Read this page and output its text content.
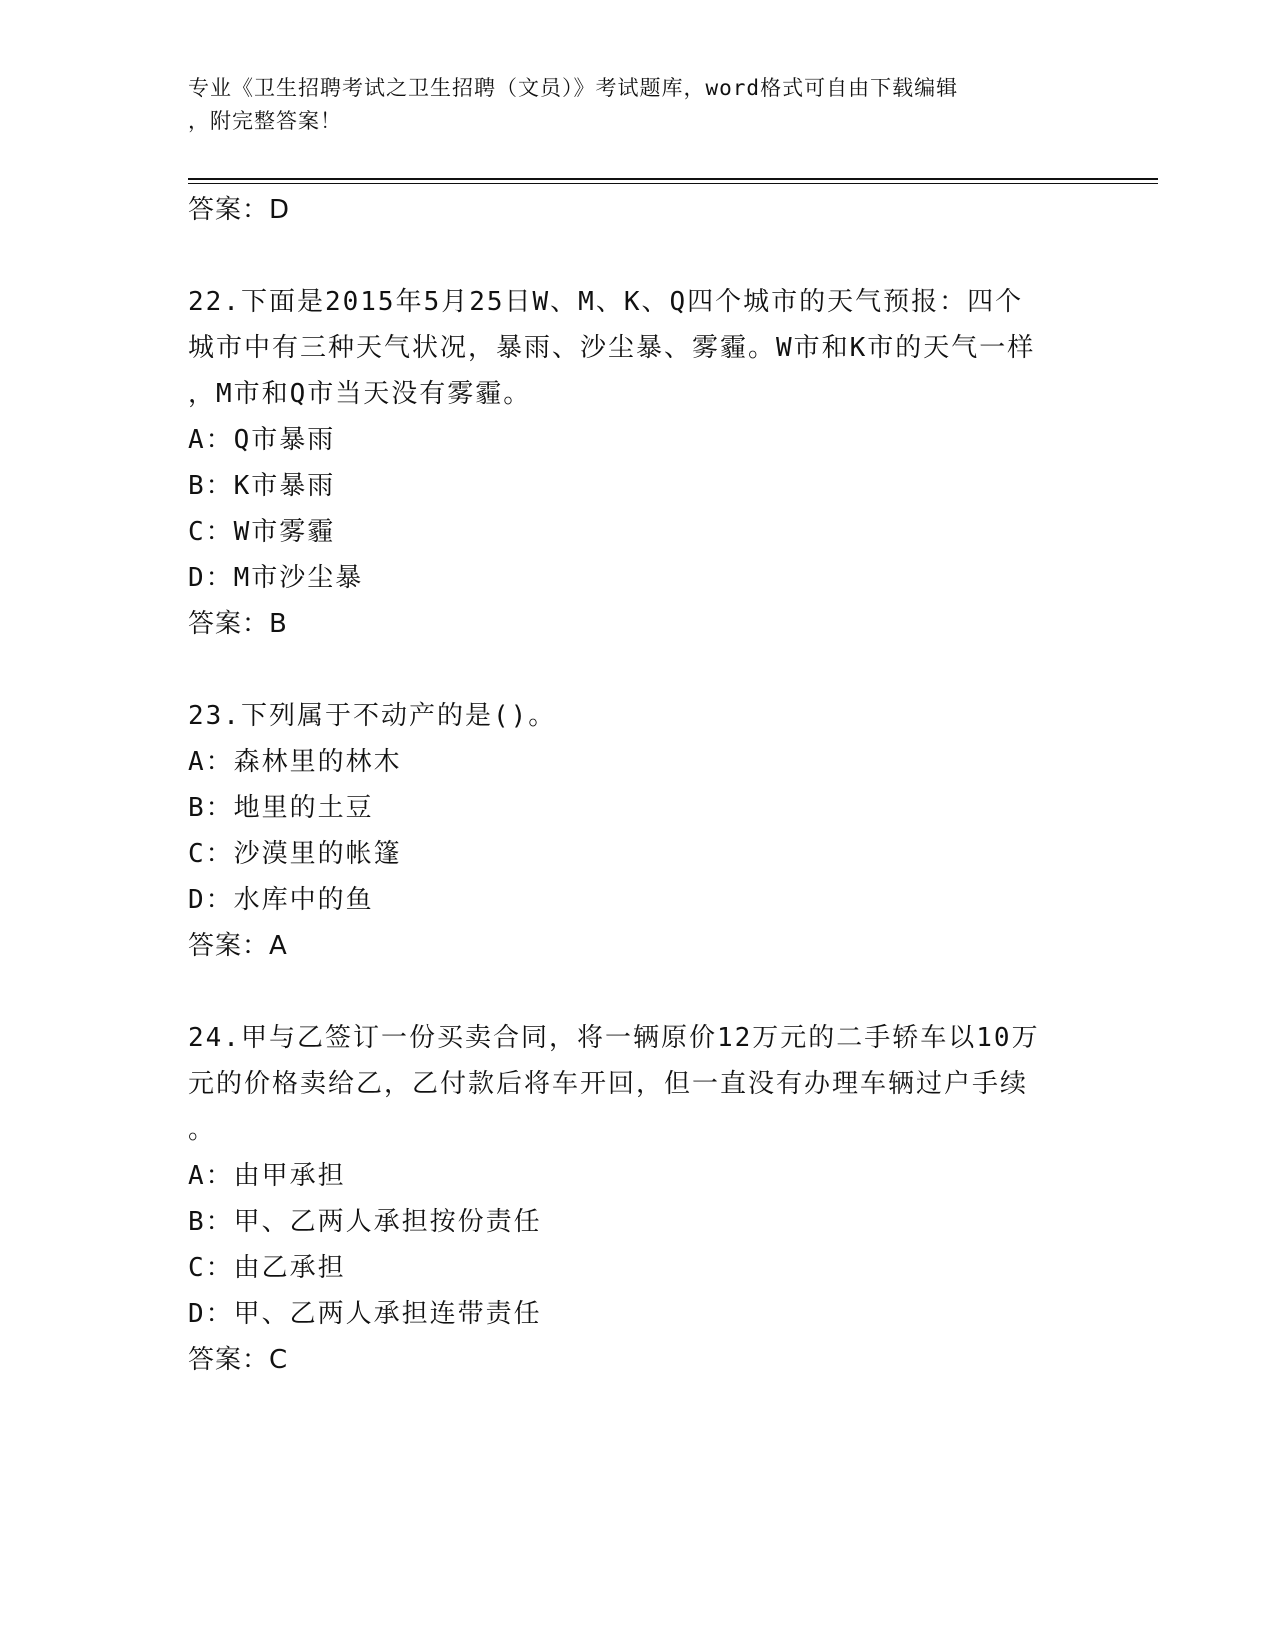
专业《卫生招聘考试之卫生招聘（文员）》考试题库，word格式可自由下载编辑
，附完整答案！
答案：D
22.下面是2015年5月25日W、M、K、Q四个城市的天气预报：四个
城市中有三种天气状况，暴雨、沙尘暴、雾霾。W市和K市的天气一样
，M市和Q市当天没有雾霾。
A：Q市暴雨
B：K市暴雨
C：W市雾霾
D：M市沙尘暴
答案：B
23.下列属于不动产的是()。
A：森林里的林木
B：地里的土豆
C：沙漠里的帐篷
D：水库中的鱼
答案：A
24.甲与乙签订一份买卖合同，将一辆原价12万元的二手轿车以10万
元的价格卖给乙，乙付款后将车开回，但一直没有办理车辆过户手续
。
A：由甲承担
B：甲、乙两人承担按份责任
C：由乙承担
D：甲、乙两人承担连带责任
答案：C
